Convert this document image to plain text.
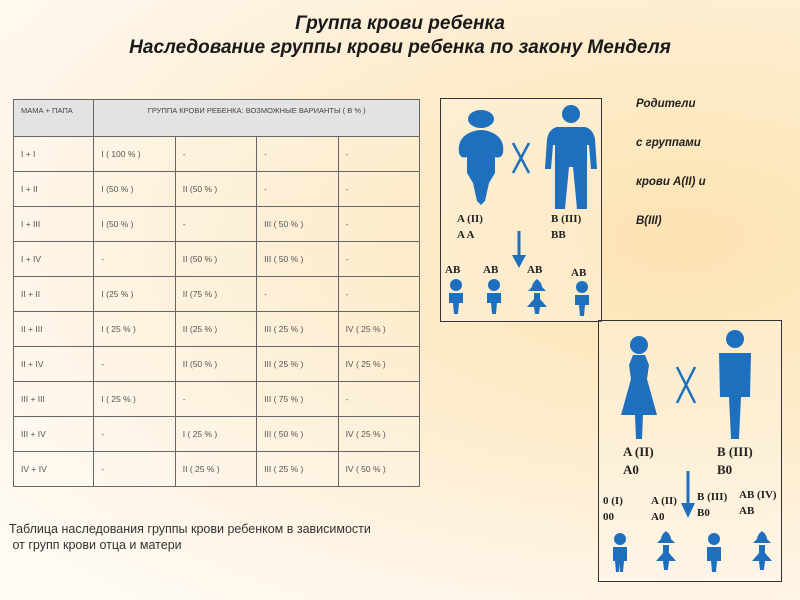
Группа крови ребенка
Наследование группы крови ребенка по закону Менделя
МАМА + ПАПА	ГРУППА КРОВИ РЕБЕНКА: ВОЗМОЖНЫЕ ВАРИАНТЫ ( В % )			
I + I	I ( 100 % )	-	-	-
I + II	I (50 % )	II (50 % )	-	-
I + III	I (50 % )	-	III ( 50 % )	-
I + IV	-	II (50 % )	III ( 50 % )	-
II + II	I (25 % )	II (75 % )	-	-
II + III	I ( 25 % )	II (25 % )	III ( 25 % )	IV ( 25 % )
II + IV	-	II (50 % )	III ( 25 % )	IV ( 25 % )
III + III	I ( 25 % )	-	III ( 75 % )	-
III + IV	-	I ( 25 % )	III ( 50 % )	IV ( 25 % )
IV + IV	-	II ( 25 % )	III ( 25 % )	IV ( 50 % )
Таблица наследования группы крови ребенком в зависимости
от групп крови отца и матери
Родители
с группами
крови А(II) и
В(III)
A (II)
A A
B (III)
BB
AB AB	AB	AB
A (II)
A0
B (III)
B0
0 (I)
00
A (II)
A0
B (III)
B0
AB (IV)
AB
